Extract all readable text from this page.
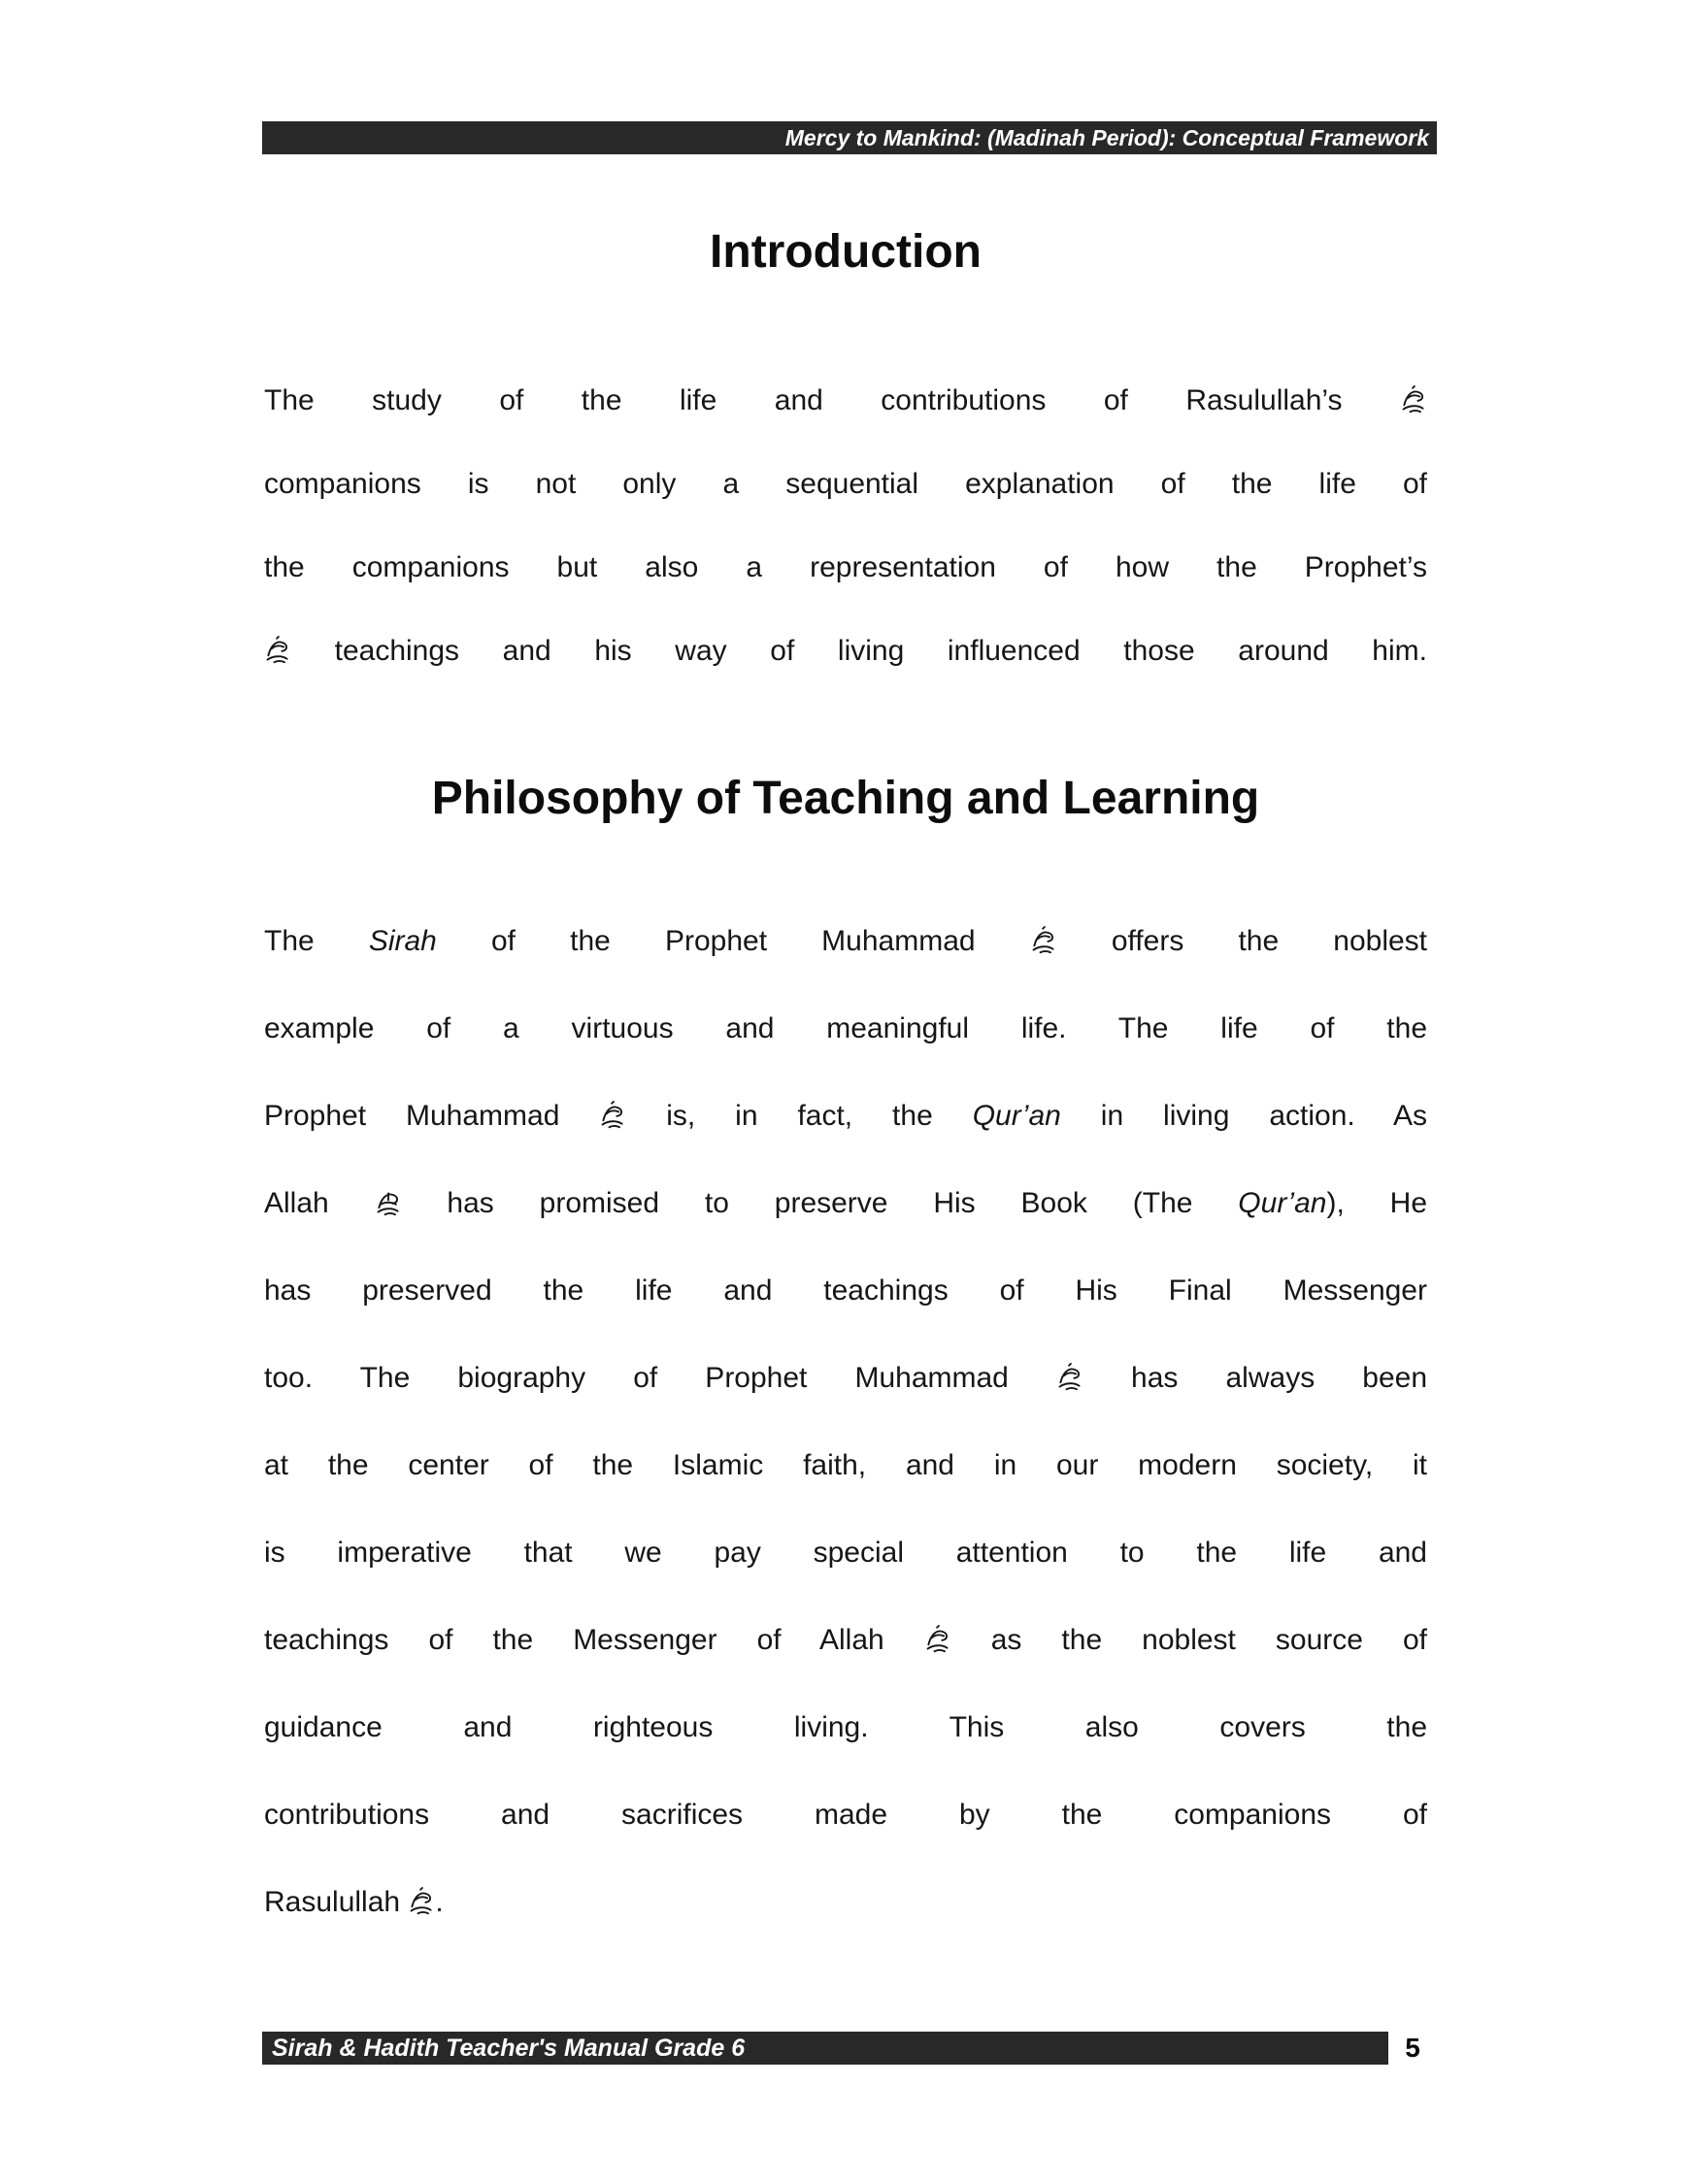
Mercy to Mankind: (Madinah Period): Conceptual Framework
Introduction
The study of the life and contributions of Rasulullah’s
companions is not only a sequential explanation of the life of
the companions but also a representation of how the Prophet’s
teachings and his way of living influenced those around him.
Philosophy of Teaching and Learning
The Sirah of the Prophet Muhammad  offers the noblest
example of a virtuous and meaningful life. The life of the
Prophet Muhammad  is, in fact, the Qur’an in living action. As
Allah  has promised to preserve His Book (The Qur’an), He
has preserved the life and teachings of His Final Messenger
too. The biography of Prophet Muhammad  has always been
at the center of the Islamic faith, and in our modern society, it
is imperative that we pay special attention to the life and
teachings of the Messenger of Allah  as the noblest source of
guidance and righteous living. This also covers the
contributions and sacrifices made by the companions of
Rasulullah .
Sirah & Hadith Teacher's Manual Grade 6	5
